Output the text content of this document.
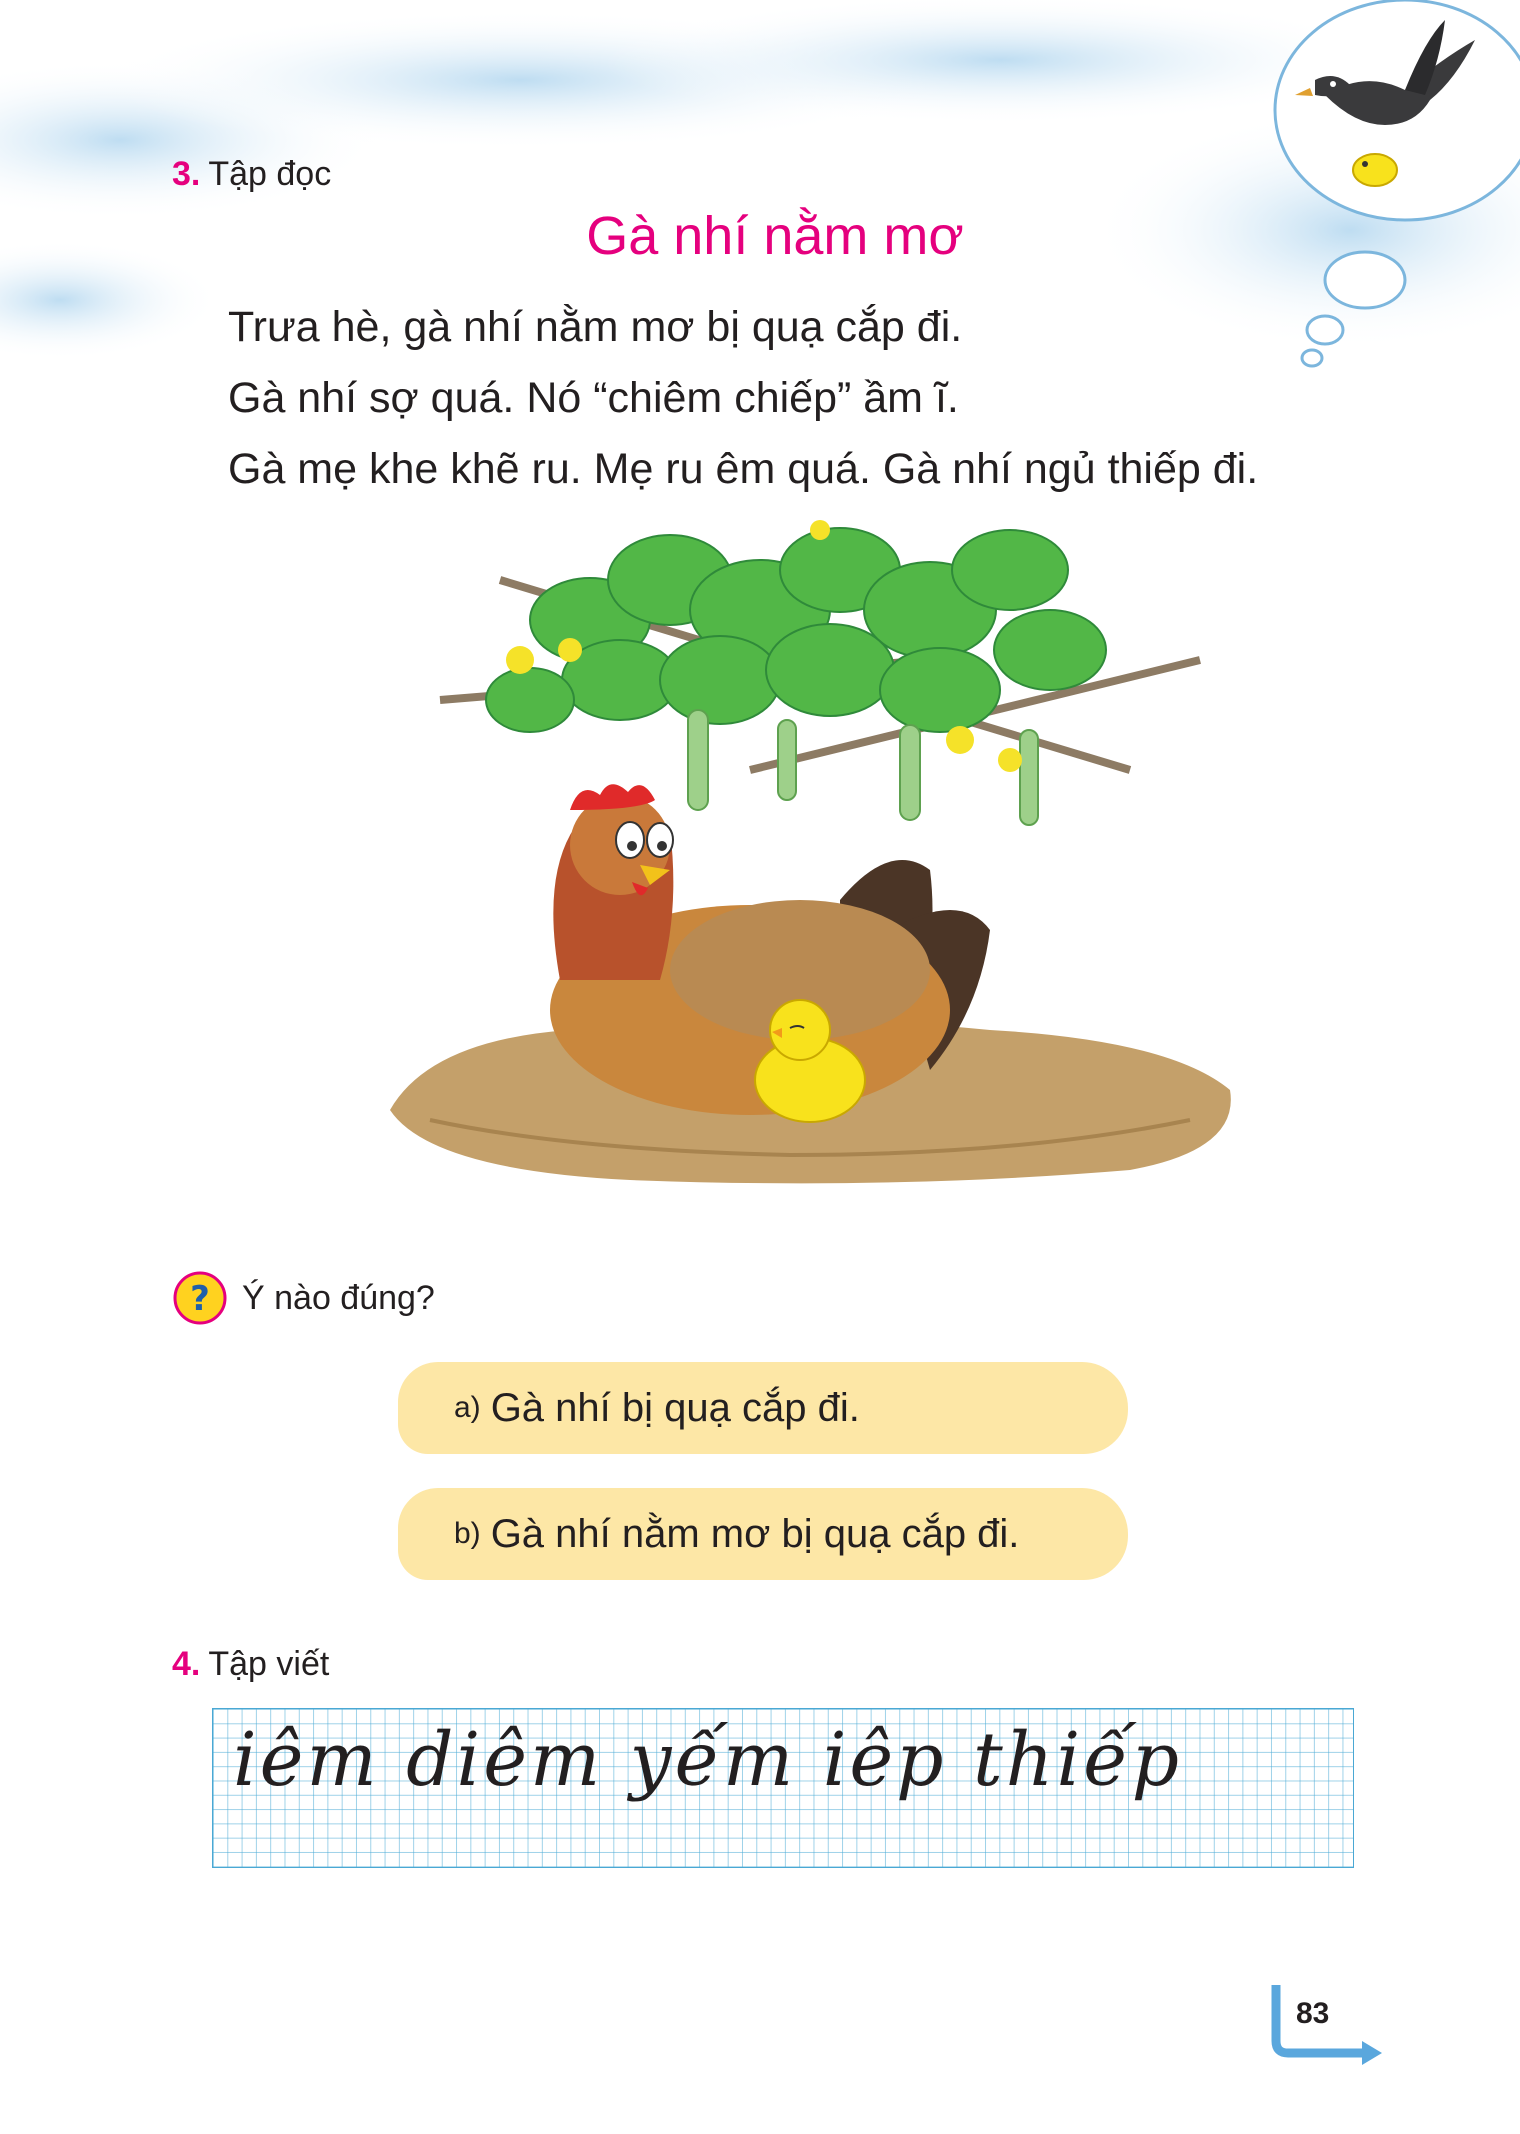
3. Tập đọc
Gà nhí nằm mơ
Trưa hè, gà nhí nằm mơ bị quạ cắp đi.
Gà nhí sợ quá. Nó “chiêm chiếp” ầm ĩ.
Gà mẹ khe khẽ ru. Mẹ ru êm quá. Gà nhí ngủ thiếp đi.
? Ý nào đúng?
a) Gà nhí bị quạ cắp đi.
b) Gà nhí nằm mơ bị quạ cắp đi.
4. Tập viết
iêm diêm yếm iêp thiếp
83
